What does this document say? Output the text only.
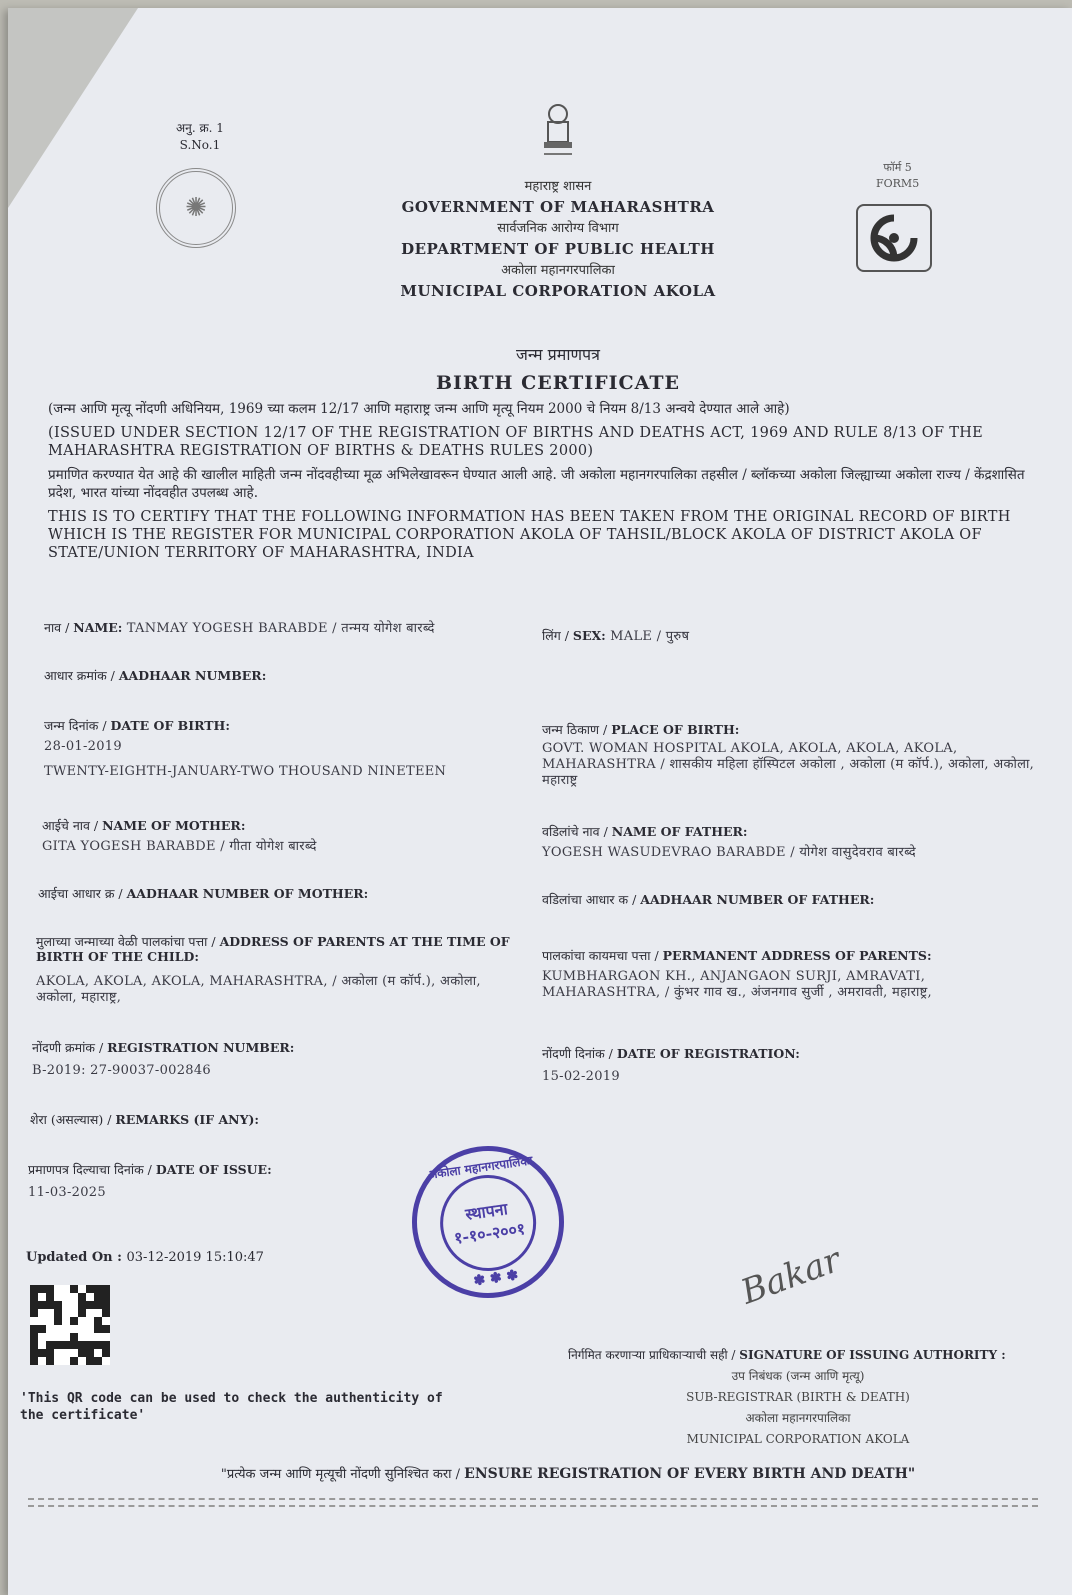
अनु. क्र. 1
S.No.1
✺
फॉर्म 5
FORM5
महाराष्ट्र शासन
GOVERNMENT OF MAHARASHTRA
सार्वजनिक आरोग्य विभाग
DEPARTMENT OF PUBLIC HEALTH
अकोला महानगरपालिका
MUNICIPAL CORPORATION AKOLA
जन्म प्रमाणपत्र
BIRTH CERTIFICATE
(जन्म आणि मृत्यू नोंदणी अधिनियम, 1969 च्या कलम 12/17 आणि महाराष्ट्र जन्म आणि मृत्यू नियम 2000 चे नियम 8/13 अन्वये देण्यात आले आहे)
(ISSUED UNDER SECTION 12/17 OF THE REGISTRATION OF BIRTHS AND DEATHS ACT, 1969 AND RULE 8/13 OF THE MAHARASHTRA REGISTRATION OF BIRTHS & DEATHS RULES 2000)
प्रमाणित करण्यात येत आहे की खालील माहिती जन्म नोंदवहीच्या मूळ अभिलेखावरून घेण्यात आली आहे. जी अकोला महानगरपालिका तहसील / ब्लॉकच्या अकोला जिल्ह्याच्या अकोला राज्य / केंद्रशासित प्रदेश, भारत यांच्या नोंदवहीत उपलब्ध आहे.
THIS IS TO CERTIFY THAT THE FOLLOWING INFORMATION HAS BEEN TAKEN FROM THE ORIGINAL RECORD OF BIRTH WHICH IS THE REGISTER FOR MUNICIPAL CORPORATION AKOLA OF TAHSIL/BLOCK AKOLA OF DISTRICT AKOLA OF STATE/UNION TERRITORY OF MAHARASHTRA, INDIA
नाव / NAME: TANMAY YOGESH BARABDE / तन्मय योगेश बारब्दे	लिंग / SEX: MALE / पुरुष
आधार क्रमांक / AADHAAR NUMBER:
जन्म दिनांक / DATE OF BIRTH:
28-01-2019
TWENTY-EIGHTH-JANUARY-TWO THOUSAND NINETEEN
जन्म ठिकाण / PLACE OF BIRTH:
GOVT. WOMAN HOSPITAL AKOLA, AKOLA, AKOLA, AKOLA, MAHARASHTRA / शासकीय महिला हॉस्पिटल अकोला , अकोला (म कॉर्प.), अकोला, अकोला, महाराष्ट्र
आईचे नाव / NAME OF MOTHER:
GITA YOGESH BARABDE / गीता योगेश बारब्दे
वडिलांचे नाव / NAME OF FATHER:
YOGESH WASUDEVRAO BARABDE / योगेश वासुदेवराव बारब्दे
आईचा आधार क्र / AADHAAR NUMBER OF MOTHER:	वडिलांचा आधार क / AADHAAR NUMBER OF FATHER:
मुलाच्या जन्माच्या वेळी पालकांचा पत्ता / ADDRESS OF PARENTS AT THE TIME OF BIRTH OF THE CHILD:
AKOLA, AKOLA, AKOLA, MAHARASHTRA, / अकोला (म कॉर्प.), अकोला, अकोला, महाराष्ट्र,
पालकांचा कायमचा पत्ता / PERMANENT ADDRESS OF PARENTS:
KUMBHARGAON KH., ANJANGAON SURJI, AMRAVATI, MAHARASHTRA, / कुंभर गाव ख., अंजनगाव सुर्जी , अमरावती, महाराष्ट्र,
नोंदणी क्रमांक / REGISTRATION NUMBER:
B-2019: 27-90037-002846
नोंदणी दिनांक / DATE OF REGISTRATION:
15-02-2019
शेरा (असल्यास) / REMARKS (IF ANY):
प्रमाणपत्र दिल्याचा दिनांक / DATE OF ISSUE:
11-03-2025
अकोला महानगरपालिका
स्थापना
१-१०-२००१
✽ ✽ ✽
Updated On : 03-12-2019 15:10:47
'This QR code can be used to check the authenticity of the certificate'
Bakar
निर्गमित करणाऱ्या प्राधिकाऱ्याची सही / SIGNATURE OF ISSUING AUTHORITY :
उप निबंधक (जन्म आणि मृत्यू)
SUB-REGISTRAR (BIRTH & DEATH)
अकोला महानगरपालिका
MUNICIPAL CORPORATION AKOLA
"प्रत्येक जन्म आणि मृत्यूची नोंदणी सुनिश्चित करा / ENSURE REGISTRATION OF EVERY BIRTH AND DEATH"
